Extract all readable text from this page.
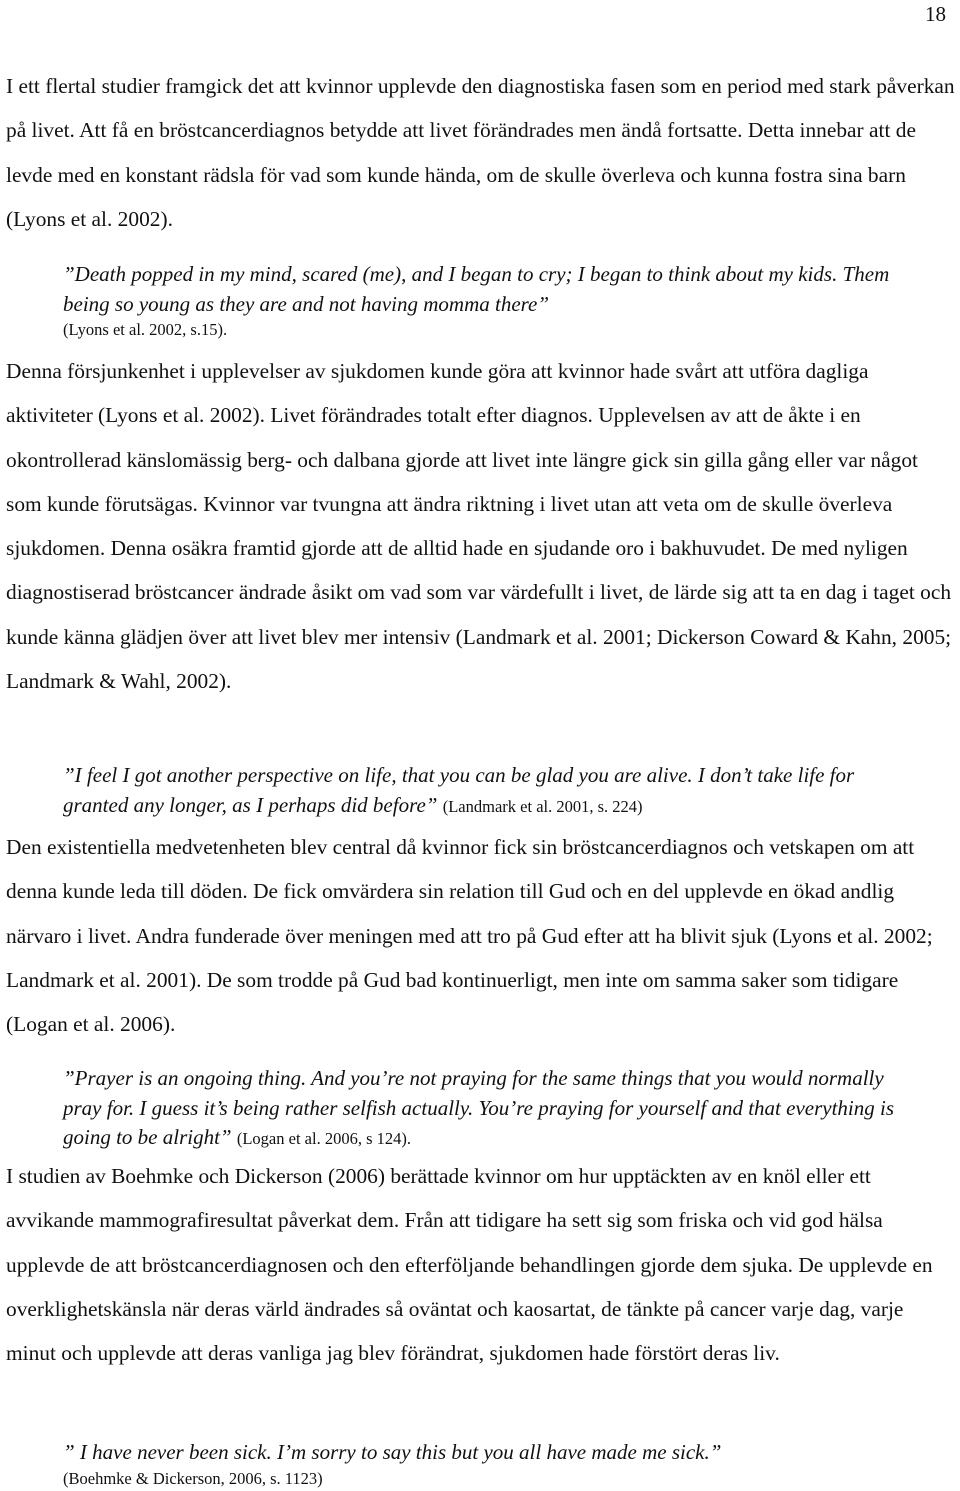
18

I ett flertal studier framgick det att kvinnor upplevde den diagnostiska fasen som en period med stark påverkan på livet. Att få en bröstcancerdiagnos betydde att livet förändrades men ändå fortsatte. Detta innebar att de levde med en konstant rädsla för vad som kunde hända, om de skulle överleva och kunna fostra sina barn (Lyons et al. 2002).

”Death popped in my mind, scared (me), and I began to cry; I began to think about my kids. Them being so young as they are and not having momma there”
(Lyons et al. 2002, s.15).

Denna försjunkenhet i upplevelser av sjukdomen kunde göra att kvinnor hade svårt att utföra dagliga aktiviteter (Lyons et al. 2002). Livet förändrades totalt efter diagnos. Upplevelsen av att de åkte i en okontrollerad känslomässig berg- och dalbana gjorde att livet inte längre gick sin gilla gång eller var något som kunde förutsägas. Kvinnor var tvungna att ändra riktning i livet utan att veta om de skulle överleva sjukdomen. Denna osäkra framtid gjorde att de alltid hade en sjudande oro i bakhuvudet. De med nyligen diagnostiserad bröstcancer ändrade åsikt om vad som var värdefullt i livet, de lärde sig att ta en dag i taget och kunde känna glädjen över att livet blev mer intensiv (Landmark et al. 2001; Dickerson Coward & Kahn, 2005; Landmark & Wahl, 2002).

”I feel I got another perspective on life, that you can be glad you are alive. I don’t take life for granted any longer, as I perhaps did before” (Landmark et al. 2001, s. 224)

Den existentiella medvetenheten blev central då kvinnor fick sin bröstcancerdiagnos och vetskapen om att denna kunde leda till döden. De fick omvärdera sin relation till Gud och en del upplevde en ökad andlig närvaro i livet. Andra funderade över meningen med att tro på Gud efter att ha blivit sjuk (Lyons et al. 2002; Landmark et al. 2001). De som trodde på Gud bad kontinuerligt, men inte om samma saker som tidigare (Logan et al. 2006).

”Prayer is an ongoing thing. And you’re not praying for the same things that you would normally pray for. I guess it’s being rather selfish actually. You’re praying for yourself and that everything is going to be alright” (Logan et al. 2006, s 124).

I studien av Boehmke och Dickerson (2006) berättade kvinnor om hur upptäckten av en knöl eller ett avvikande mammografiresultat påverkat dem. Från att tidigare ha sett sig som friska och vid god hälsa upplevde de att bröstcancerdiagnosen och den efterföljande behandlingen gjorde dem sjuka. De upplevde en overklighetskänsla när deras värld ändrades så oväntat och kaosartat, de tänkte på cancer varje dag, varje minut och upplevde att deras vanliga jag blev förändrat, sjukdomen hade förstört deras liv.

” I have never been sick. I’m sorry to say this but you all have made me sick.”
(Boehmke & Dickerson, 2006, s. 1123)
